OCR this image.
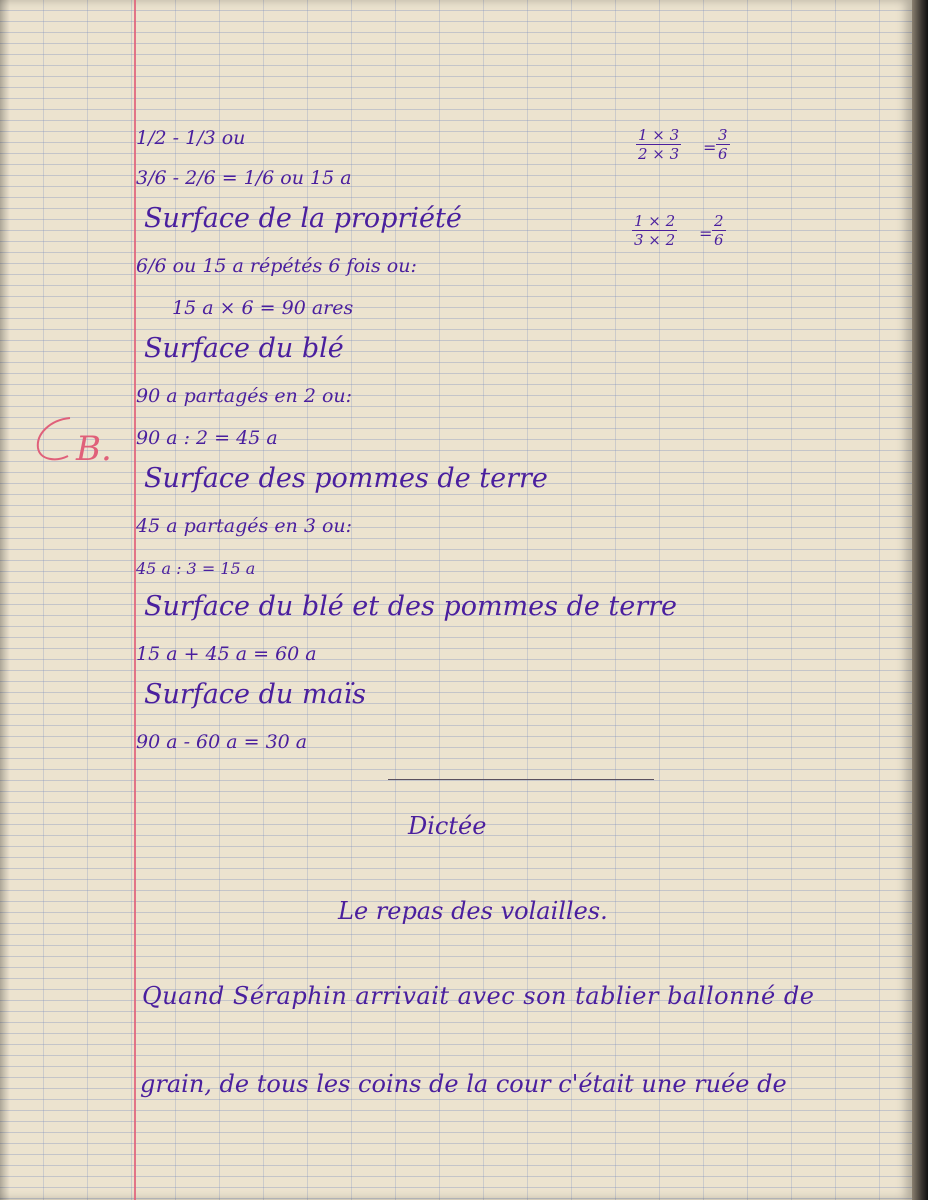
1/2 - 1/3 ou
3/6 - 2/6 = 1/6 ou 15 a
Surface de la propriété
6/6 ou 15 a répétés 6 fois ou:
15 a × 6 = 90 ares
Surface du blé
90 a partagés en 2 ou:
90 a : 2 = 45 a
Surface des pommes de terre
45 a partagés en 3 ou:
45 a : 3 = 15 a
Surface du blé et des pommes de terre
15 a + 45 a = 60 a
Surface du maïs
90 a - 60 a = 30 a
$\frac{1 \times 3}{2 \times 3} = \frac{3}{6}$
$\frac{1 \times 2}{3 \times 2} = \frac{2}{6}$
B.
Dictée
Le repas des volailles.
Quand Séraphin arrivait avec son tablier ballonné de
grain, de tous les coins de la cour c'était une ruée de
